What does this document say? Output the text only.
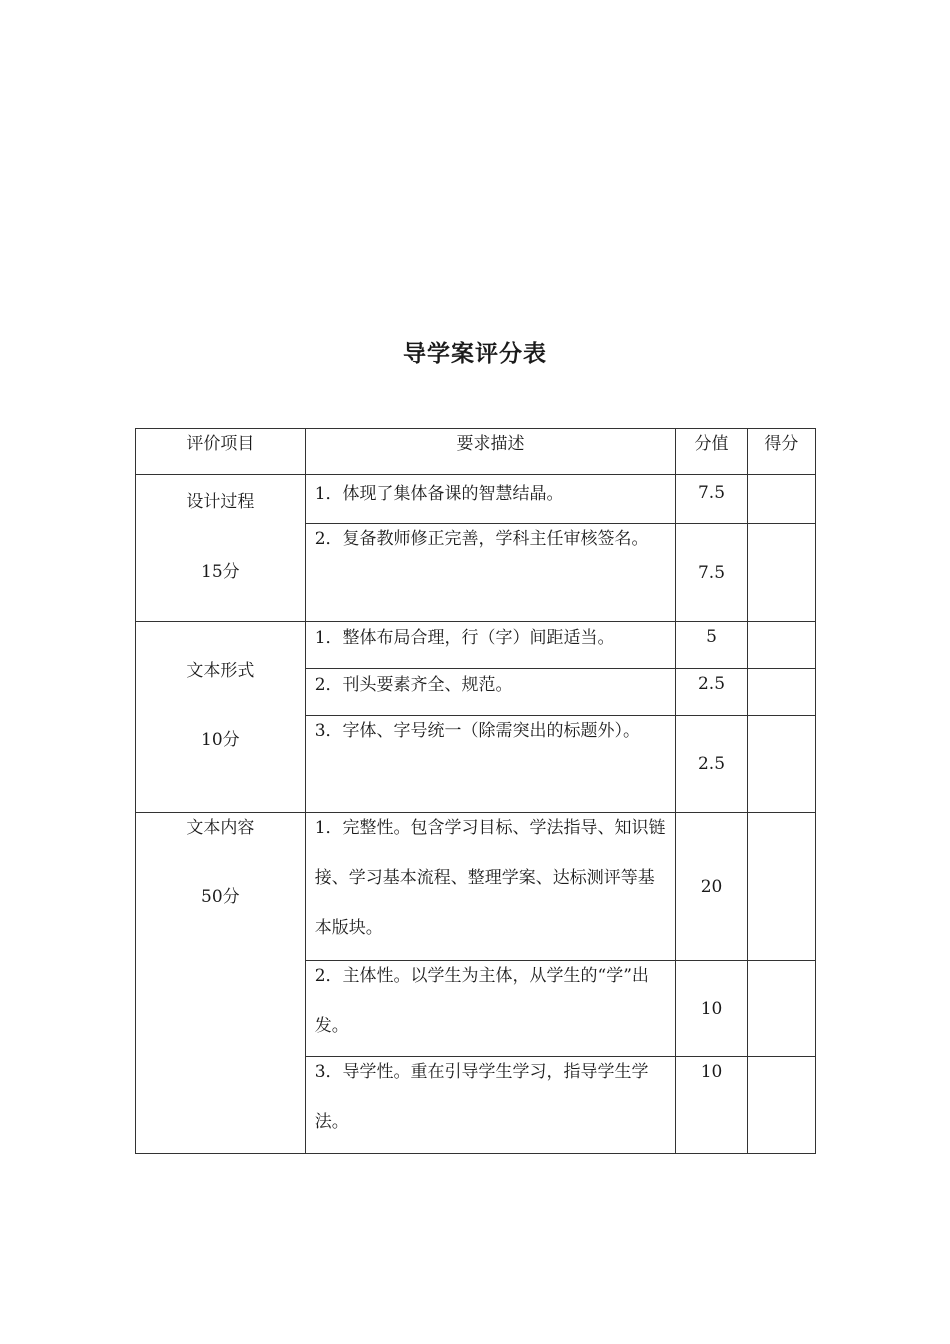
导学案评分表
评价项目	要求描述	分值	得分

设计过程
15分	1．体现了集体备课的智慧结晶。	7.5	

	2．复备教师修正完善，学科主任审核签名。	7.5	

文本形式
10分	1．整体布局合理，行（字）间距适当。	5	

	2．刊头要素齐全、规范。	2.5	

	3．字体、字号统一（除需突出的标题外）。	2.5	

文本内容
50分	1．完整性。包含学习目标、学法指导、知识链接、学习基本流程、整理学案、达标测评等基本版块。	20	

	2．主体性。以学生为主体，从学生的“学”出发。	10	

	3．导学性。重在引导学生学习，指导学生学法。	10	
